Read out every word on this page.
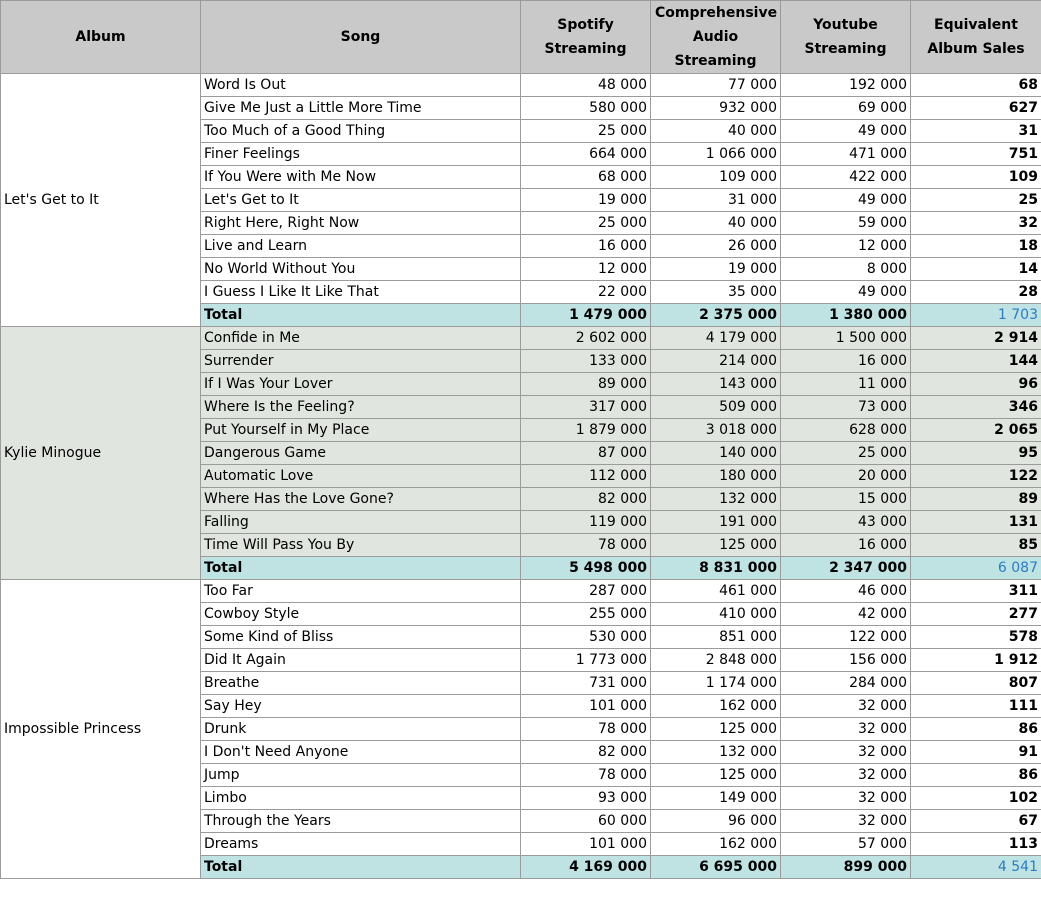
Album	Song	Spotify Streaming	Comprehensive Audio Streaming	Youtube Streaming	Equivalent Album Sales
Let's Get to It	Word Is Out	48 000	77 000	192 000	68
	Give Me Just a Little More Time	580 000	932 000	69 000	627
	Too Much of a Good Thing	25 000	40 000	49 000	31
	Finer Feelings	664 000	1 066 000	471 000	751
	If You Were with Me Now	68 000	109 000	422 000	109
	Let's Get to It	19 000	31 000	49 000	25
	Right Here, Right Now	25 000	40 000	59 000	32
	Live and Learn	16 000	26 000	12 000	18
	No World Without You	12 000	19 000	8 000	14
	I Guess I Like It Like That	22 000	35 000	49 000	28
	Total	1 479 000	2 375 000	1 380 000	1 703
Kylie Minogue	Confide in Me	2 602 000	4 179 000	1 500 000	2 914
	Surrender	133 000	214 000	16 000	144
	If I Was Your Lover	89 000	143 000	11 000	96
	Where Is the Feeling?	317 000	509 000	73 000	346
	Put Yourself in My Place	1 879 000	3 018 000	628 000	2 065
	Dangerous Game	87 000	140 000	25 000	95
	Automatic Love	112 000	180 000	20 000	122
	Where Has the Love Gone?	82 000	132 000	15 000	89
	Falling	119 000	191 000	43 000	131
	Time Will Pass You By	78 000	125 000	16 000	85
	Total	5 498 000	8 831 000	2 347 000	6 087
Impossible Princess	Too Far	287 000	461 000	46 000	311
	Cowboy Style	255 000	410 000	42 000	277
	Some Kind of Bliss	530 000	851 000	122 000	578
	Did It Again	1 773 000	2 848 000	156 000	1 912
	Breathe	731 000	1 174 000	284 000	807
	Say Hey	101 000	162 000	32 000	111
	Drunk	78 000	125 000	32 000	86
	I Don't Need Anyone	82 000	132 000	32 000	91
	Jump	78 000	125 000	32 000	86
	Limbo	93 000	149 000	32 000	102
	Through the Years	60 000	96 000	32 000	67
	Dreams	101 000	162 000	57 000	113
	Total	4 169 000	6 695 000	899 000	4 541
